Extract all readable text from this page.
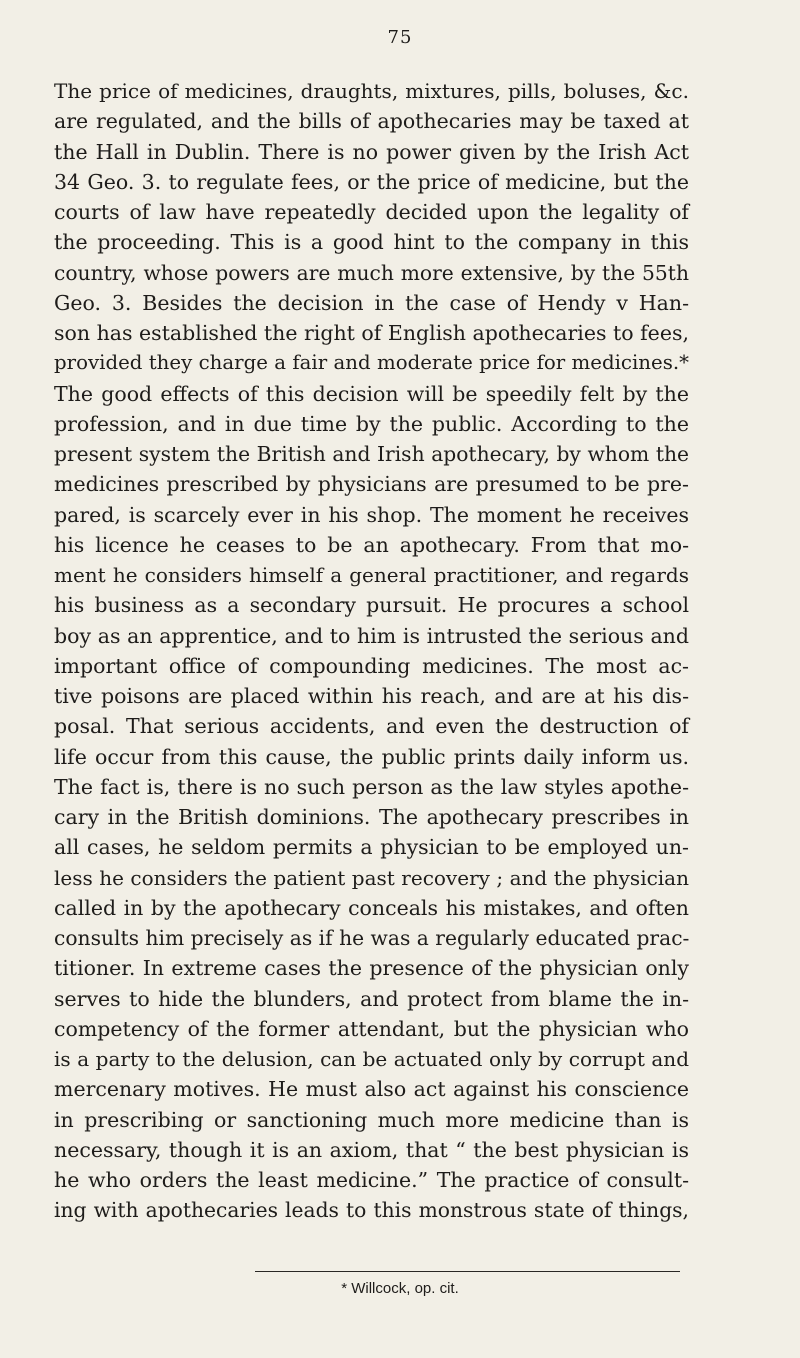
75
The price of medicines, draughts, mixtures, pills, boluses, &c.
are regulated, and the bills of apothecaries may be taxed at
the Hall in Dublin. There is no power given by the Irish Act
34 Geo. 3. to regulate fees, or the price of medicine, but the
courts of law have repeatedly decided upon the legality of
the proceeding. This is a good hint to the company in this
country, whose powers are much more extensive, by the 55th
Geo. 3. Besides the decision in the case of Hendy v Han-
son has established the right of English apothecaries to fees,
provided they charge a fair and moderate price for medicines.*
The good effects of this decision will be speedily felt by the
profession, and in due time by the public. According to the
present system the British and Irish apothecary, by whom the
medicines prescribed by physicians are presumed to be pre-
pared, is scarcely ever in his shop. The moment he receives
his licence he ceases to be an apothecary. From that mo-
ment he considers himself a general practitioner, and regards
his business as a secondary pursuit. He procures a school
boy as an apprentice, and to him is intrusted the serious and
important office of compounding medicines. The most ac-
tive poisons are placed within his reach, and are at his dis-
posal. That serious accidents, and even the destruction of
life occur from this cause, the public prints daily inform us.
The fact is, there is no such person as the law styles apothe-
cary in the British dominions. The apothecary prescribes in
all cases, he seldom permits a physician to be employed un-
less he considers the patient past recovery ; and the physician
called in by the apothecary conceals his mistakes, and often
consults him precisely as if he was a regularly educated prac-
titioner. In extreme cases the presence of the physician only
serves to hide the blunders, and protect from blame the in-
competency of the former attendant, but the physician who
is a party to the delusion, can be actuated only by corrupt and
mercenary motives. He must also act against his conscience
in prescribing or sanctioning much more medicine than is
necessary, though it is an axiom, that “ the best physician is
he who orders the least medicine.” The practice of consult-
ing with apothecaries leads to this monstrous state of things,
* Willcock, op. cit.
